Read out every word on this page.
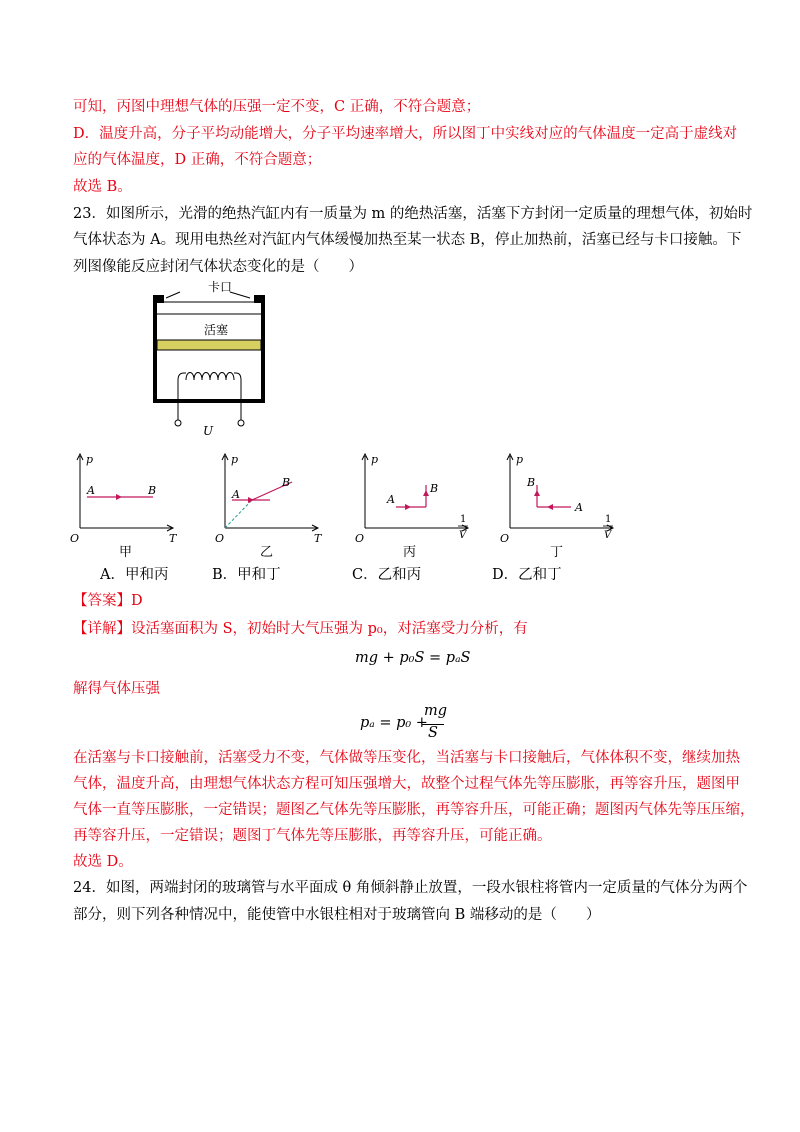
可知，丙图中理想气体的压强一定不变，C 正确，不符合题意；
D．温度升高，分子平均动能增大，分子平均速率增大，所以图丁中实线对应的气体温度一定高于虚线对
应的气体温度，D 正确，不符合题意；
故选 B。
23．如图所示，光滑的绝热汽缸内有一质量为 m 的绝热活塞，活塞下方封闭一定质量的理想气体，初始时
气体状态为 A。现用电热丝对汽缸内气体缓慢加热至某一状态 B，停止加热前，活塞已经与卡口接触。下
列图像能反应封闭气体状态变化的是（　　）
卡口
活塞
U
p
T
O
A	B
甲
p
T
O
A
B
乙
p
1
V
O
A
B
丙
p
1
V
O
A
B
丁
A．甲和丙	B．甲和丁	C．乙和丙	D．乙和丁
【答案】D
【详解】设活塞面积为 S，初始时大气压强为 p₀，对活塞受力分析，有
mg + p₀S = pₐS
解得气体压强
pₐ = p₀ +
mg
S
在活塞与卡口接触前，活塞受力不变，气体做等压变化，当活塞与卡口接触后，气体体积不变，继续加热
气体，温度升高，由理想气体状态方程可知压强增大，故整个过程气体先等压膨胀，再等容升压，题图甲
气体一直等压膨胀，一定错误；题图乙气体先等压膨胀，再等容升压，可能正确；题图丙气体先等压压缩，
再等容升压，一定错误；题图丁气体先等压膨胀，再等容升压，可能正确。
故选 D。
24．如图，两端封闭的玻璃管与水平面成 θ 角倾斜静止放置，一段水银柱将管内一定质量的气体分为两个
部分，则下列各种情况中，能使管中水银柱相对于玻璃管向 B 端移动的是（　　）
